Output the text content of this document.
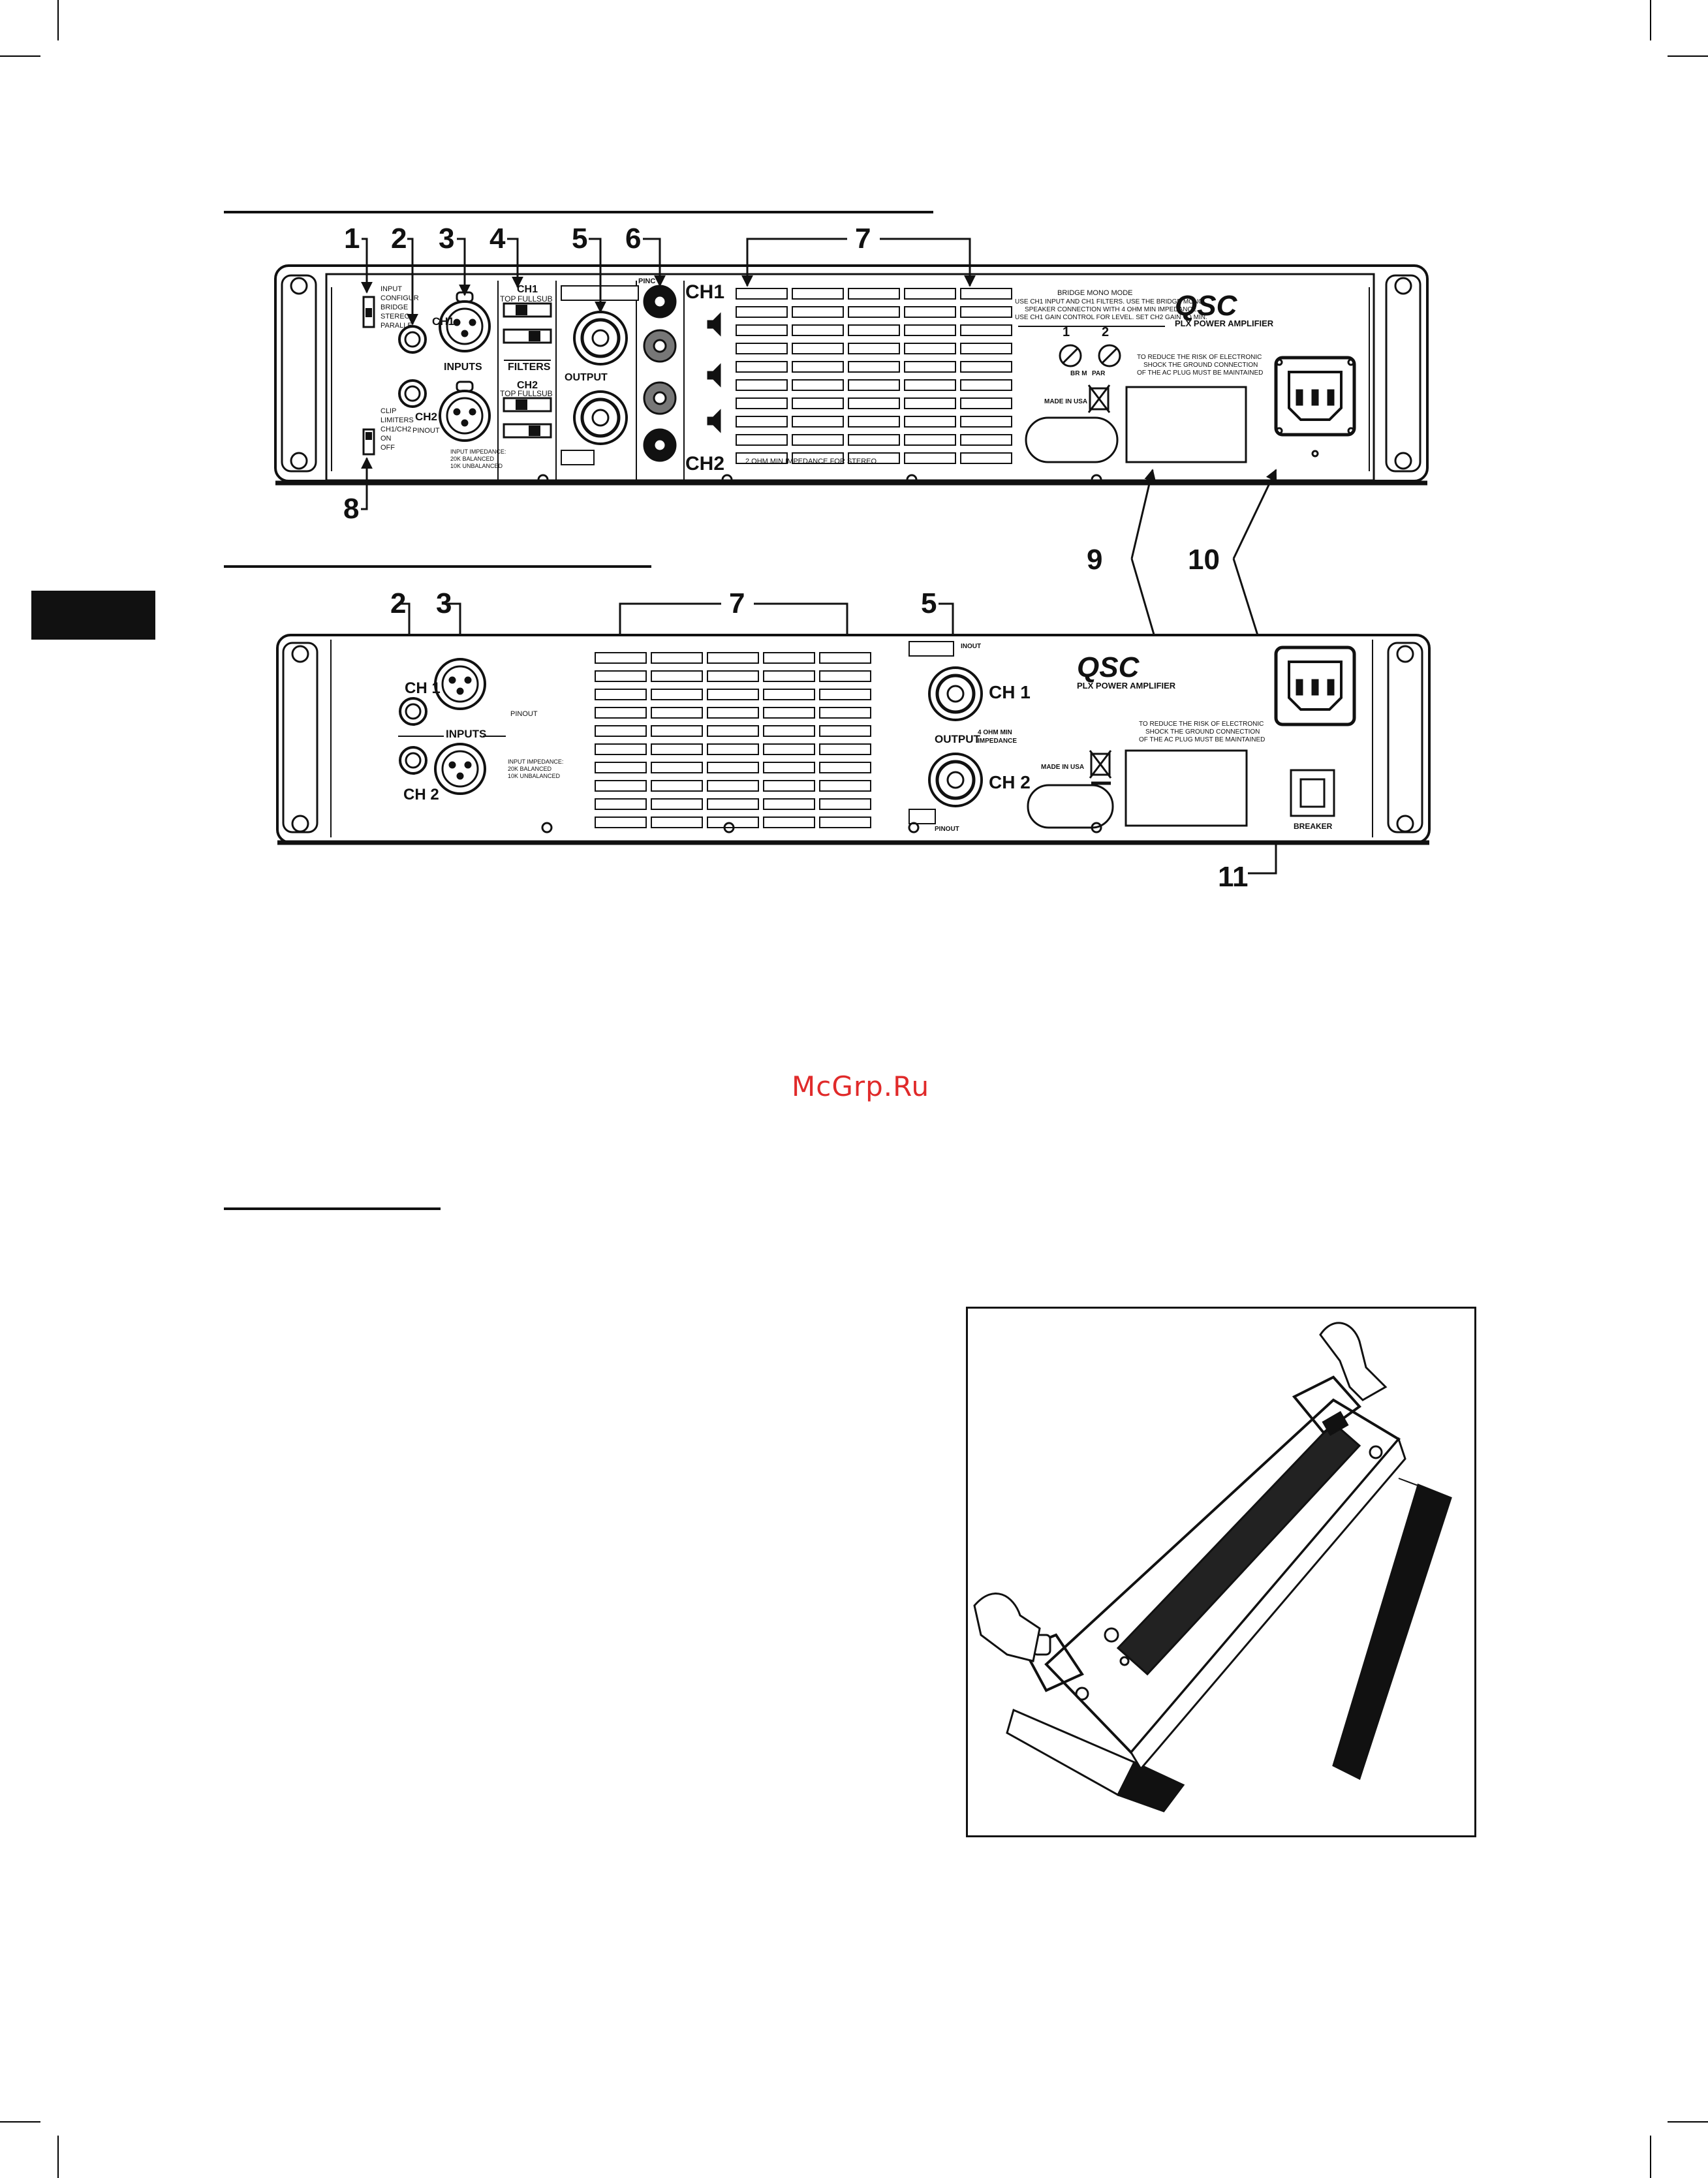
1 2 3 4 5 6	7
8
9	10
2 3	7	5
11
QSC
INPUT
CONFIGUR
BRIDGE
STEREO
PARALLE
CLIP
LIMITERS
CH1/CH2
ON
OFF
CH1
CH2
INPUTS
PINOUT
INPUT IMPEDANCE:
20K BALANCED
10K UNBALANCED
FILTERS
CH1
CH2
TOP FULL SUB
TOP FULL SUB
OUTPUT
PINC CH1
CH2	2 OHM MIN IMPEDANCE FOR STEREO
BRIDGE MONO MODE
USE CH1 INPUT AND CH1 FILTERS. USE THE BRIDGE MONO
SPEAKER CONNECTION WITH 4 OHM MIN IMPEDANCE.
USE CH1 GAIN CONTROL FOR LEVEL. SET CH2 GAIN TO MIN.
1 2
BR M PAR
PLX POWER AMPLIFIER
TO REDUCE THE RISK OF ELECTRONIC
SHOCK THE GROUND CONNECTION
OF THE AC PLUG MUST BE MAINTAINED
MADE IN USA
QSC
CH 1
CH 2
INPUTS
PINOUT
INPUT IMPEDANCE:
20K BALANCED
10K UNBALANCED
PLX POWER AMPLIFIER
OUTPUT
4 OHM MIN
IMPEDANCE
CH 1
CH 2
PINOUT
INOUT
MADE IN USA
TO REDUCE THE RISK OF ELECTRONIC
SHOCK THE GROUND CONNECTION
OF THE AC PLUG MUST BE MAINTAINED
BREAKER
McGrp.Ru
